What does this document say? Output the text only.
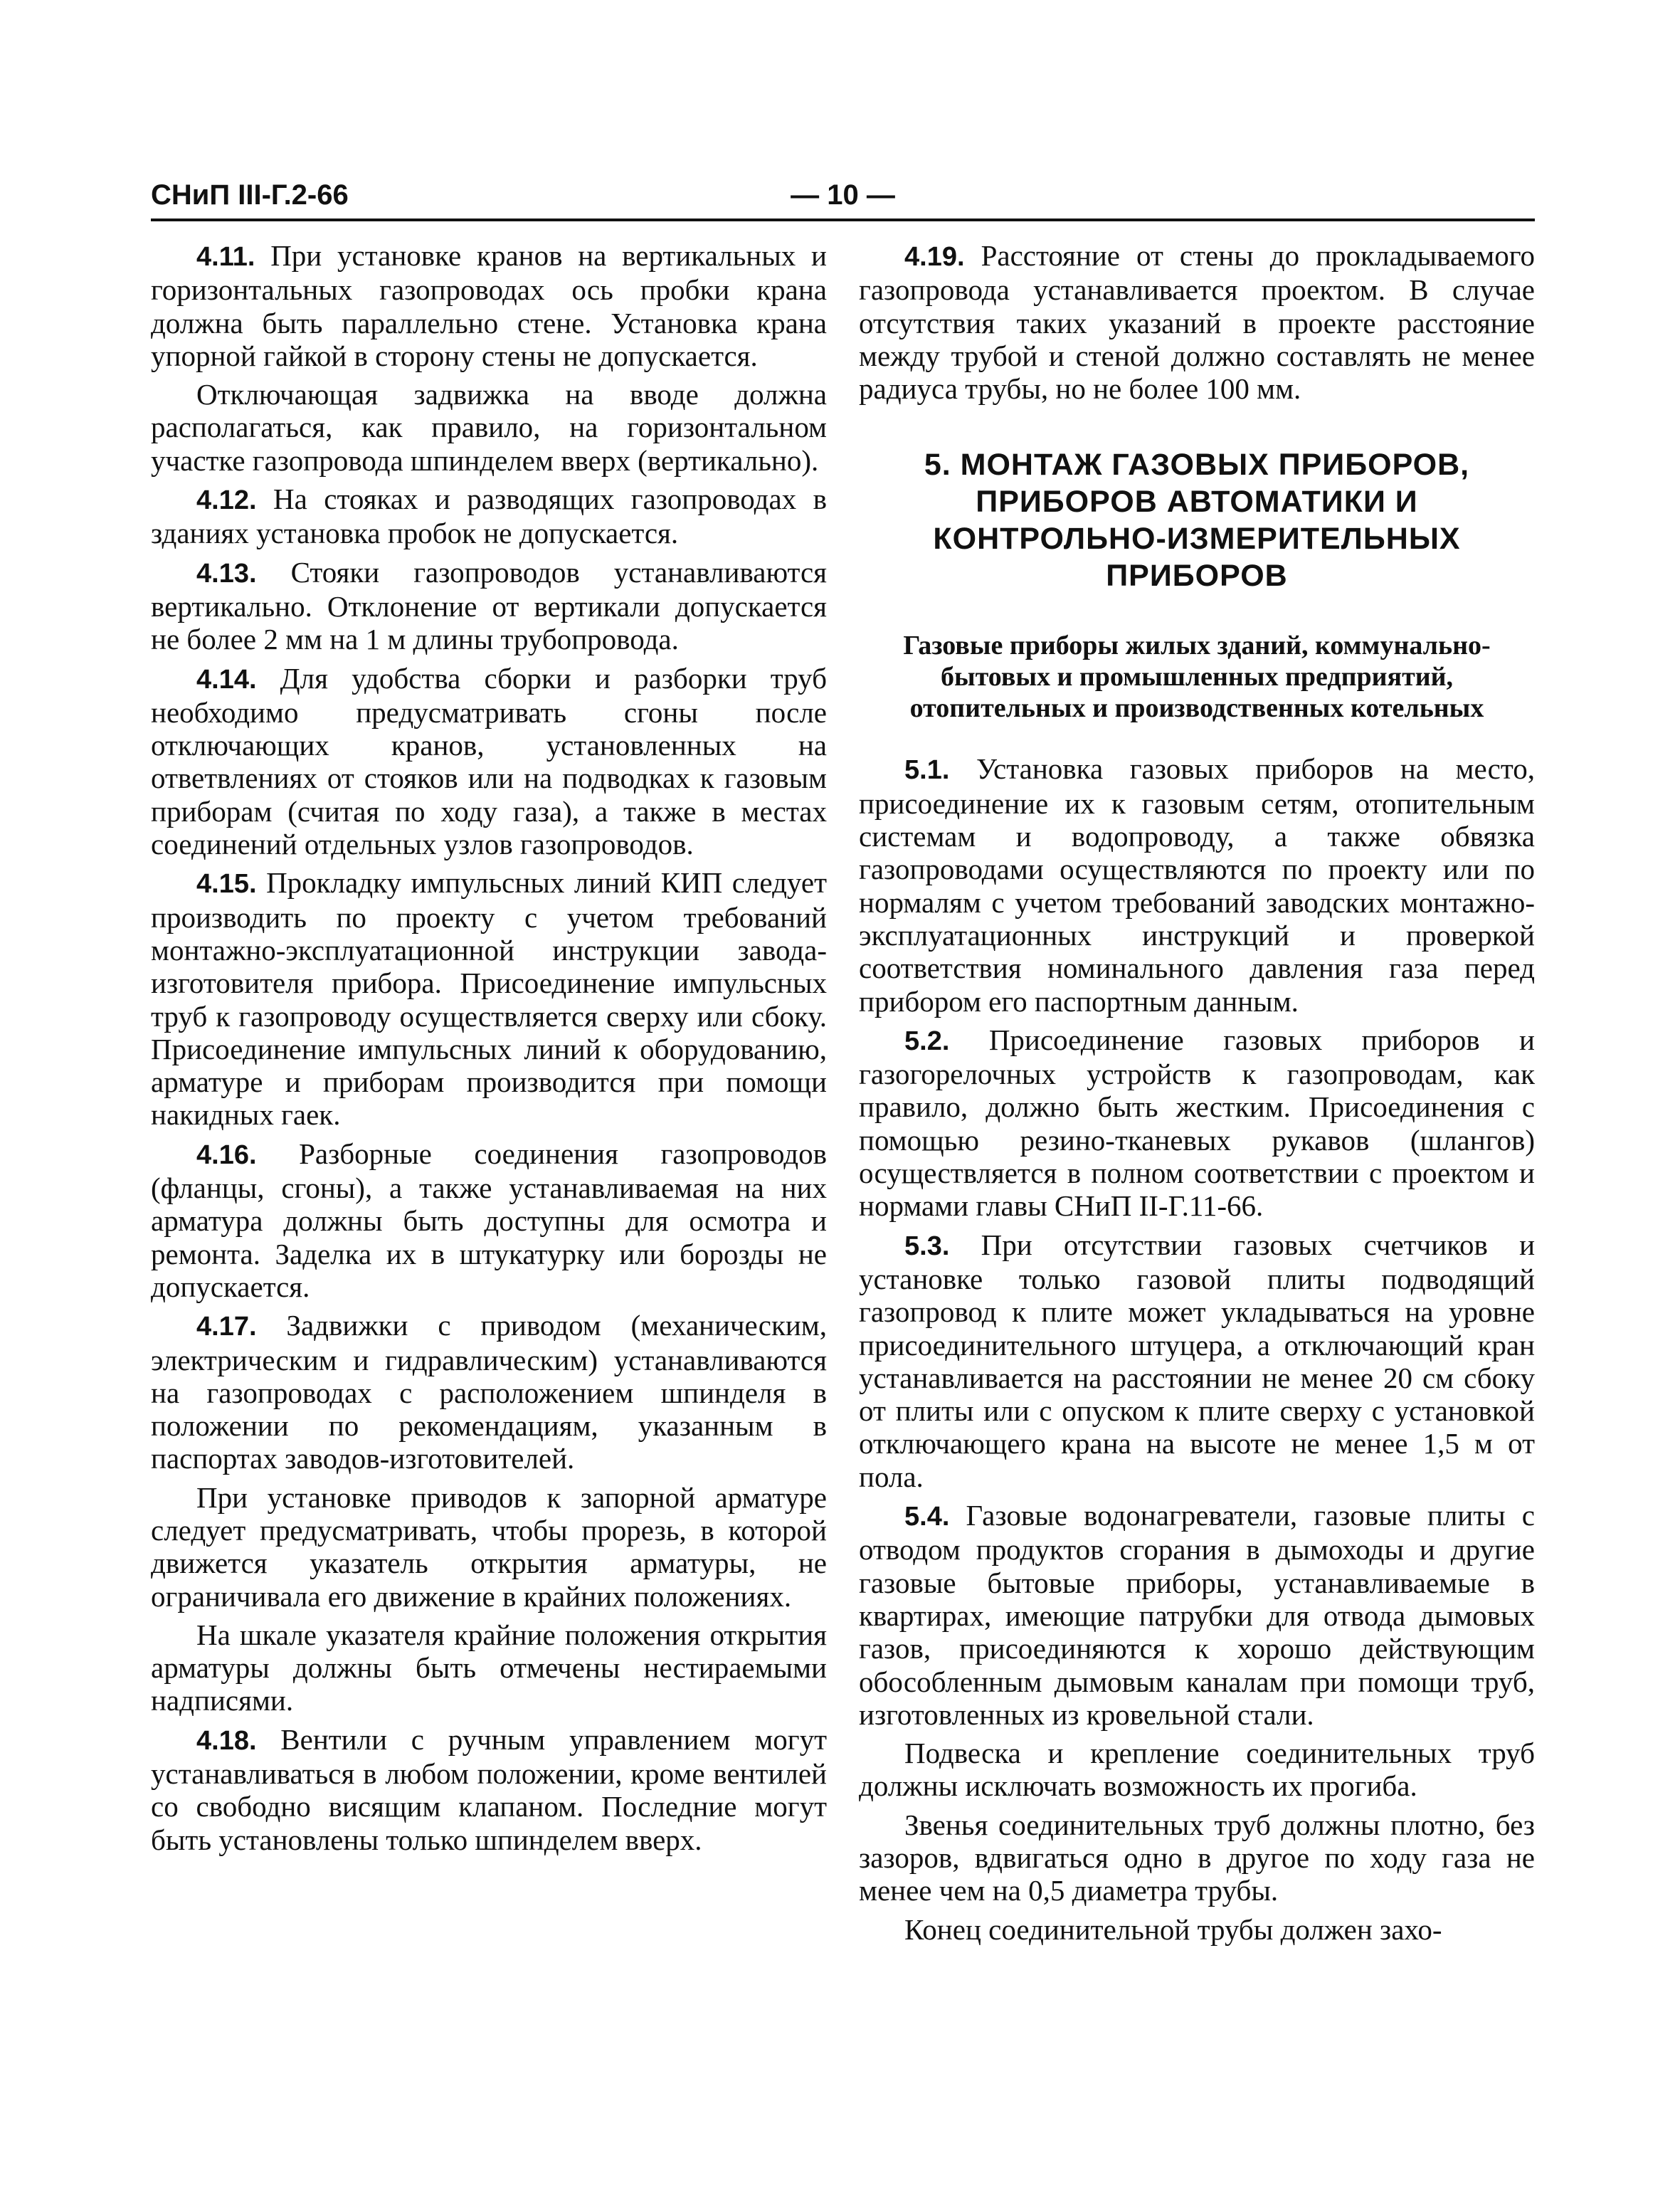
СНиП III-Г.2-66	— 10 —

4.11. При установке кранов на вертикальных и горизонтальных газопроводах ось пробки крана должна быть параллельно стене. Установка крана упорной гайкой в сторону стены не допускается.

Отключающая задвижка на вводе должна располагаться, как правило, на горизонтальном участке газопровода шпинделем вверх (вертикально).

4.12. На стояках и разводящих газопроводах в зданиях установка пробок не допускается.

4.13. Стояки газопроводов устанавливаются вертикально. Отклонение от вертикали допускается не более 2 мм на 1 м длины трубопровода.

4.14. Для удобства сборки и разборки труб необходимо предусматривать сгоны после отключающих кранов, установленных на ответвлениях от стояков или на подводках к газовым приборам (считая по ходу газа), а также в местах соединений отдельных узлов газопроводов.

4.15. Прокладку импульсных линий КИП следует производить по проекту с учетом требований монтажно-эксплуатационной инструкции завода-изготовителя прибора. Присоединение импульсных труб к газопроводу осуществляется сверху или сбоку. Присоединение импульсных линий к оборудованию, арматуре и приборам производится при помощи накидных гаек.

4.16. Разборные соединения газопроводов (фланцы, сгоны), а также устанавливаемая на них арматура должны быть доступны для осмотра и ремонта. Заделка их в штукатурку или борозды не допускается.

4.17. Задвижки с приводом (механическим, электрическим и гидравлическим) устанавливаются на газопроводах с расположением шпинделя в положении по рекомендациям, указанным в паспортах заводов-изготовителей.

При установке приводов к запорной арматуре следует предусматривать, чтобы прорезь, в которой движется указатель открытия арматуры, не ограничивала его движение в крайних положениях.

На шкале указателя крайние положения открытия арматуры должны быть отмечены нестираемыми надписями.

4.18. Вентили с ручным управлением могут устанавливаться в любом положении, кроме вентилей со свободно висящим клапаном. Последние могут быть установлены только шпинделем вверх.

4.19. Расстояние от стены до прокладываемого газопровода устанавливается проектом. В случае отсутствия таких указаний в проекте расстояние между трубой и стеной должно составлять не менее радиуса трубы, но не более 100 мм.

5. МОНТАЖ ГАЗОВЫХ ПРИБОРОВ, ПРИБОРОВ АВТОМАТИКИ И КОНТРОЛЬНО-ИЗМЕРИТЕЛЬНЫХ ПРИБОРОВ
Газовые приборы жилых зданий, коммунально-бытовых и промышленных предприятий, отопительных и производственных котельных

5.1. Установка газовых приборов на место, присоединение их к газовым сетям, отопительным системам и водопроводу, а также обвязка газопроводами осуществляются по проекту или по нормалям с учетом требований заводских монтажно-эксплуатационных инструкций и проверкой соответствия номинального давления газа перед прибором его паспортным данным.

5.2. Присоединение газовых приборов и газогорелочных устройств к газопроводам, как правило, должно быть жестким. Присоединения с помощью резино-тканевых рукавов (шлангов) осуществляется в полном соответствии с проектом и нормами главы СНиП II-Г.11-66.

5.3. При отсутствии газовых счетчиков и установке только газовой плиты подводящий газопровод к плите может укладываться на уровне присоединительного штуцера, а отключающий кран устанавливается на расстоянии не менее 20 см сбоку от плиты или с опуском к плите сверху с установкой отключающего крана на высоте не менее 1,5 м от пола.

5.4. Газовые водонагреватели, газовые плиты с отводом продуктов сгорания в дымоходы и другие газовые бытовые приборы, устанавливаемые в квартирах, имеющие патрубки для отвода дымовых газов, присоединяются к хорошо действующим обособленным дымовым каналам при помощи труб, изготовленных из кровельной стали.

Подвеска и крепление соединительных труб должны исключать возможность их прогиба.

Звенья соединительных труб должны плотно, без зазоров, вдвигаться одно в другое по ходу газа не менее чем на 0,5 диаметра трубы.

Конец соединительной трубы должен захо-
